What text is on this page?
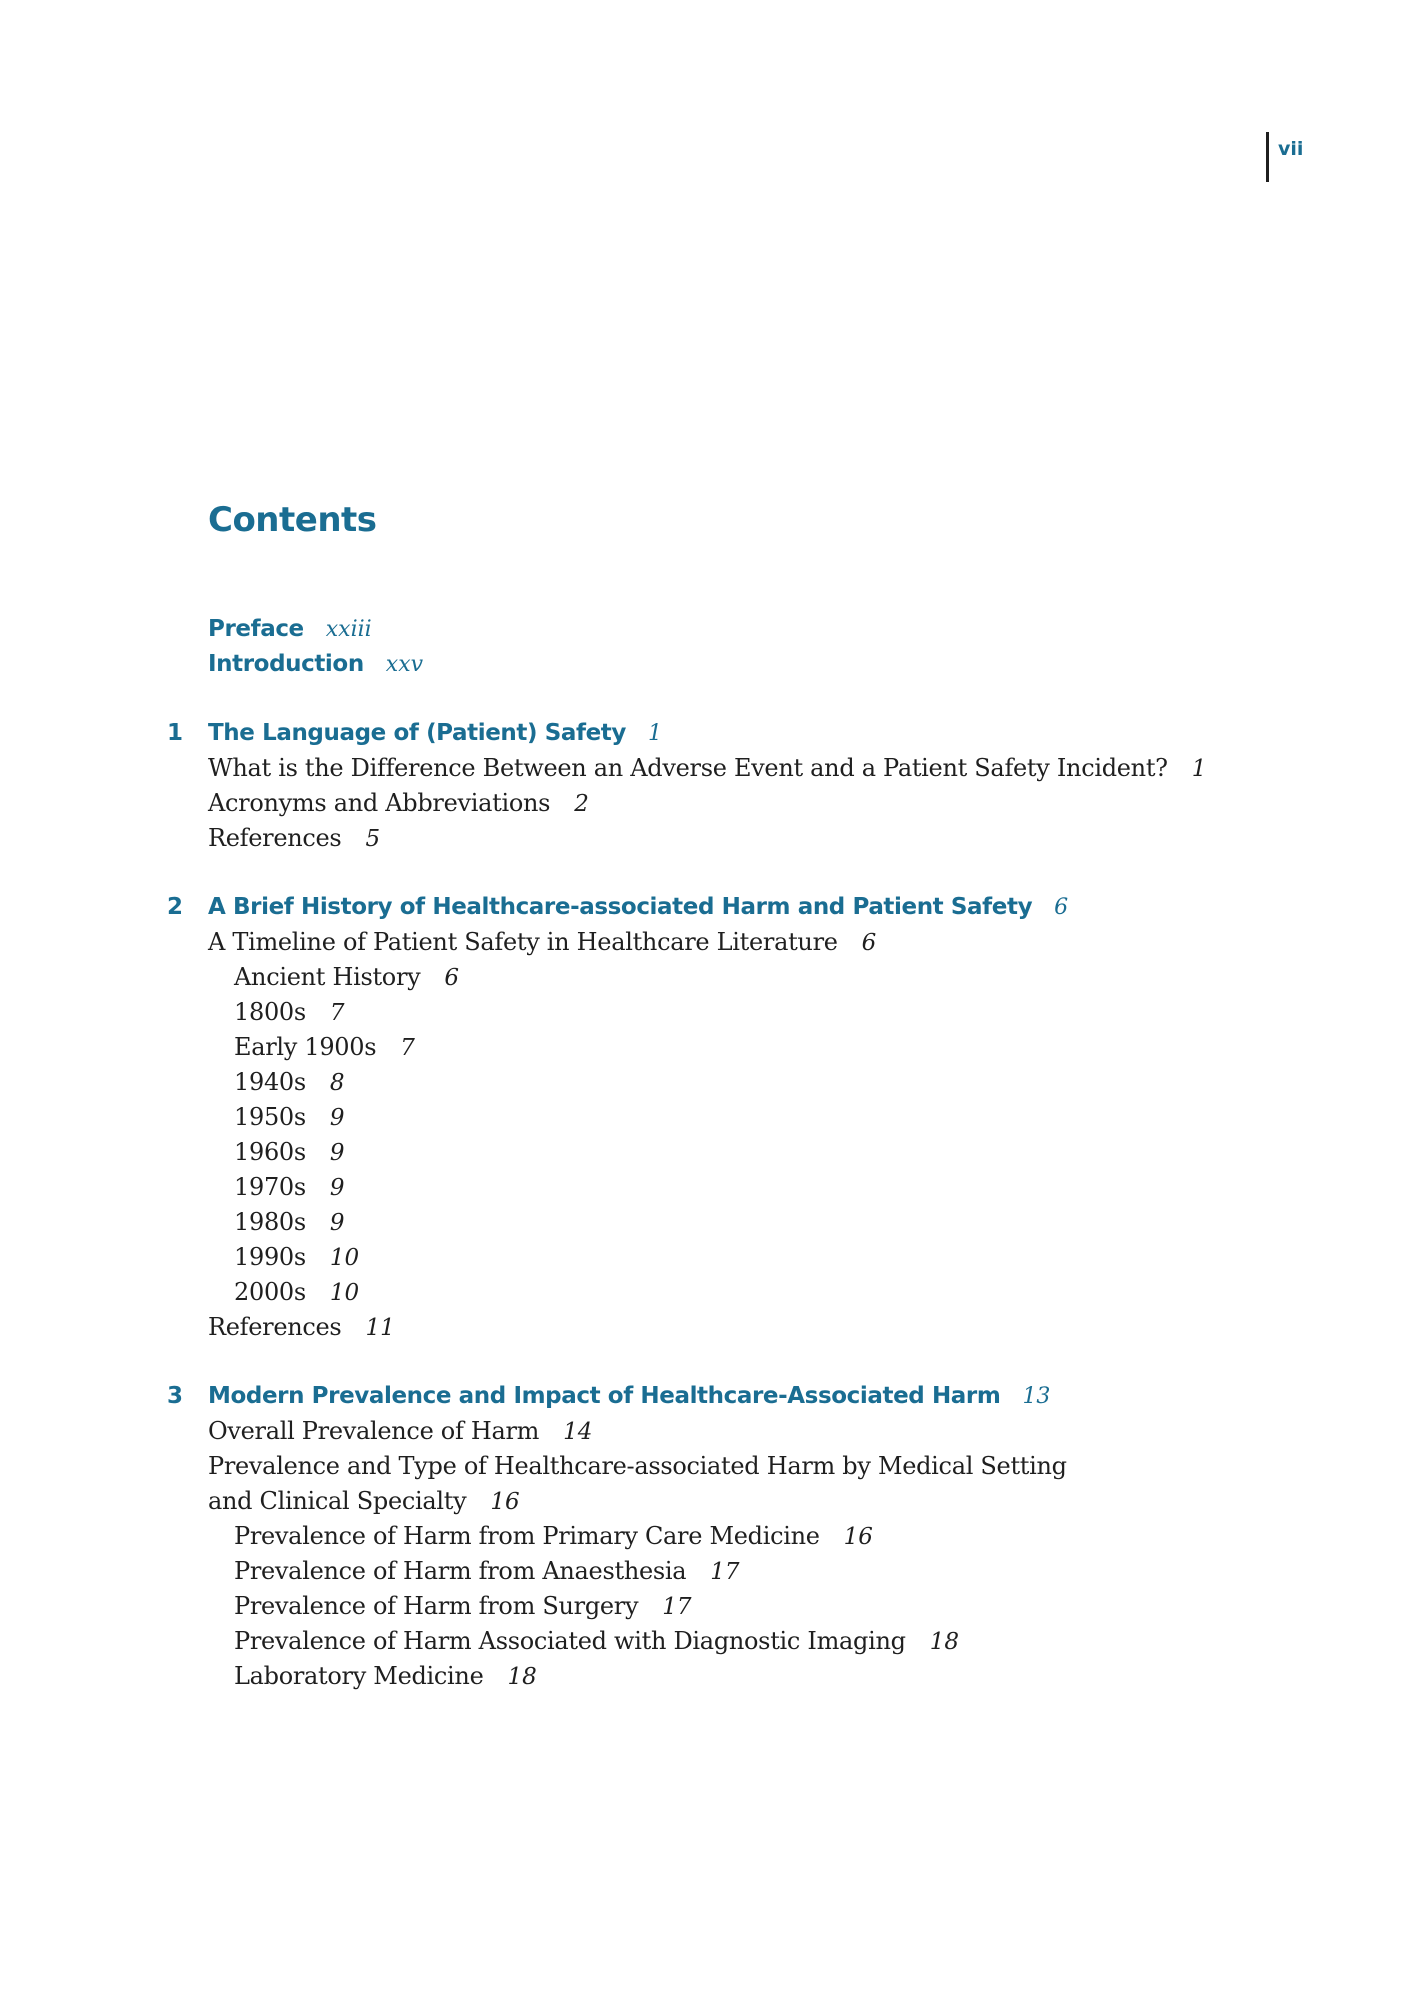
vii
Contents
Preface xxiii
Introduction xxv
1 The Language of (Patient) Safety 1
What is the Difference Between an Adverse Event and a Patient Safety Incident? 1
Acronyms and Abbreviations 2
References 5
2 A Brief History of Healthcare-associated Harm and Patient Safety 6
A Timeline of Patient Safety in Healthcare Literature 6
Ancient History 6
1800s 7
Early 1900s 7
1940s 8
1950s 9
1960s 9
1970s 9
1980s 9
1990s 10
2000s 10
References 11
3 Modern Prevalence and Impact of Healthcare-Associated Harm 13
Overall Prevalence of Harm 14
Prevalence and Type of Healthcare-associated Harm by Medical Setting
and Clinical Specialty 16
Prevalence of Harm from Primary Care Medicine 16
Prevalence of Harm from Anaesthesia 17
Prevalence of Harm from Surgery 17
Prevalence of Harm Associated with Diagnostic Imaging 18
Laboratory Medicine 18
